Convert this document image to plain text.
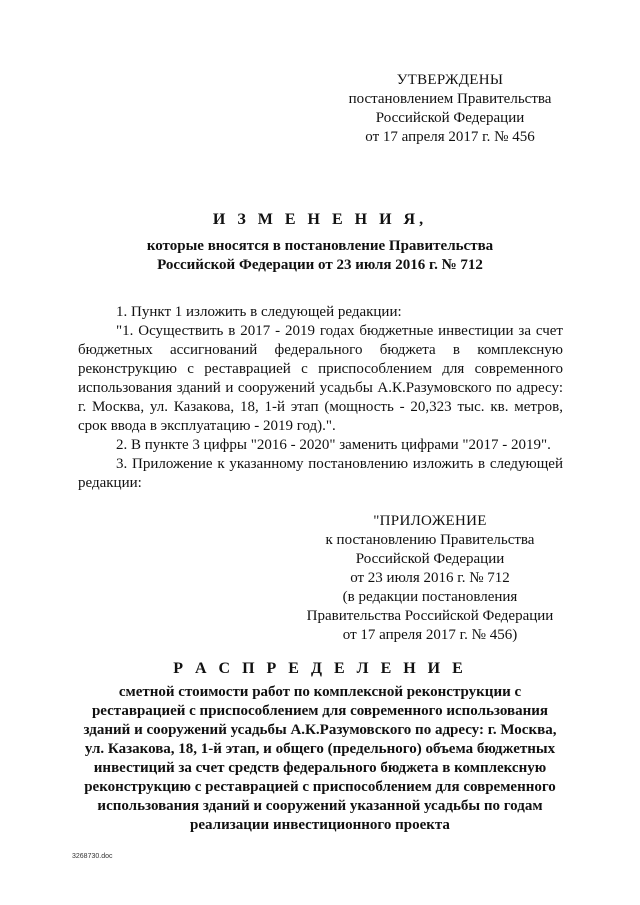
УТВЕРЖДЕНЫ
постановлением Правительства
Российской Федерации
от 17 апреля 2017 г. № 456
И З М Е Н Е Н И Я,
которые вносятся в постановление Правительства
Российской Федерации от 23 июля 2016 г. № 712

1. Пункт 1 изложить в следующей редакции:

"1. Осуществить в 2017 - 2019 годах бюджетные инвестиции за счет бюджетных ассигнований федерального бюджета в комплексную реконструкцию с реставрацией с приспособлением для современного использования зданий и сооружений усадьбы А.К.Разумовского по адресу: г. Москва, ул. Казакова, 18, 1-й этап (мощность - 20,323 тыс. кв. метров, срок ввода в эксплуатацию - 2019 год).".

2. В пункте 3 цифры "2016 - 2020" заменить цифрами "2017 - 2019".

3. Приложение к указанному постановлению изложить в следующей редакции:

"ПРИЛОЖЕНИЕ
к постановлению Правительства
Российской Федерации
от 23 июля 2016 г. № 712
(в редакции постановления
Правительства Российской Федерации
от 17 апреля 2017 г. № 456)
Р А С П Р Е Д Е Л Е Н И Е
сметной стоимости работ по комплексной реконструкции с
реставрацией с приспособлением для современного использования
зданий и сооружений усадьбы А.К.Разумовского по адресу: г. Москва,
ул. Казакова, 18, 1-й этап, и общего (предельного) объема бюджетных
инвестиций за счет средств федерального бюджета в комплексную
реконструкцию с реставрацией с приспособлением для современного
использования зданий и сооружений указанной усадьбы по годам
реализации инвестиционного проекта
3268730.doc
